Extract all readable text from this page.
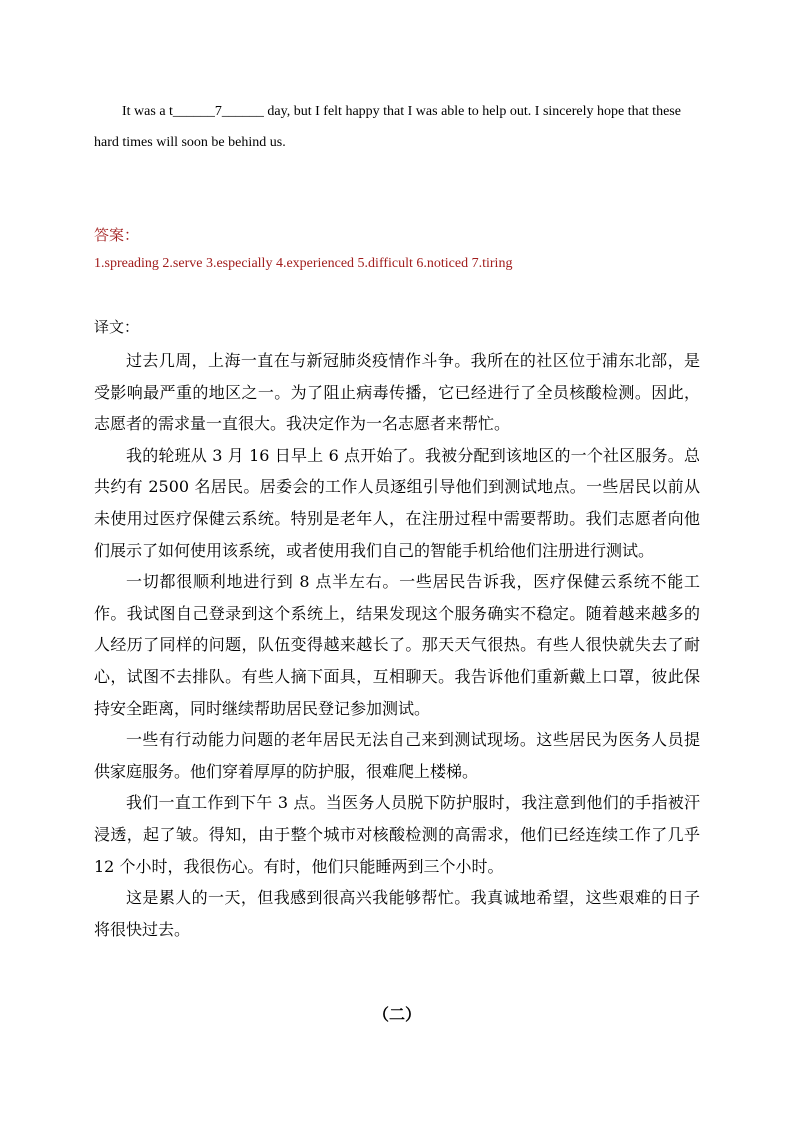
It was a t______7______ day, but I felt happy that I was able to help out. I sincerely hope that these hard times will soon be behind us.

答案：
1.spreading 2.serve 3.especially 4.experienced 5.difficult 6.noticed 7.tiring
译文：

过去几周，上海一直在与新冠肺炎疫情作斗争。我所在的社区位于浦东北部，是受影响最严重的地区之一。为了阻止病毒传播，它已经进行了全员核酸检测。因此，志愿者的需求量一直很大。我决定作为一名志愿者来帮忙。

我的轮班从 3 月 16 日早上 6 点开始了。我被分配到该地区的一个社区服务。总共约有 2500 名居民。居委会的工作人员逐组引导他们到测试地点。一些居民以前从未使用过医疗保健云系统。特别是老年人，在注册过程中需要帮助。我们志愿者向他们展示了如何使用该系统，或者使用我们自己的智能手机给他们注册进行测试。

一切都很顺利地进行到 8 点半左右。一些居民告诉我，医疗保健云系统不能工作。我试图自己登录到这个系统上，结果发现这个服务确实不稳定。随着越来越多的人经历了同样的问题，队伍变得越来越长了。那天天气很热。有些人很快就失去了耐心，试图不去排队。有些人摘下面具，互相聊天。我告诉他们重新戴上口罩，彼此保持安全距离，同时继续帮助居民登记参加测试。

一些有行动能力问题的老年居民无法自己来到测试现场。这些居民为医务人员提供家庭服务。他们穿着厚厚的防护服，很难爬上楼梯。

我们一直工作到下午 3 点。当医务人员脱下防护服时，我注意到他们的手指被汗浸透，起了皱。得知，由于整个城市对核酸检测的高需求，他们已经连续工作了几乎 12 个小时，我很伤心。有时，他们只能睡两到三个小时。

这是累人的一天，但我感到很高兴我能够帮忙。我真诚地希望，这些艰难的日子将很快过去。

（二）
